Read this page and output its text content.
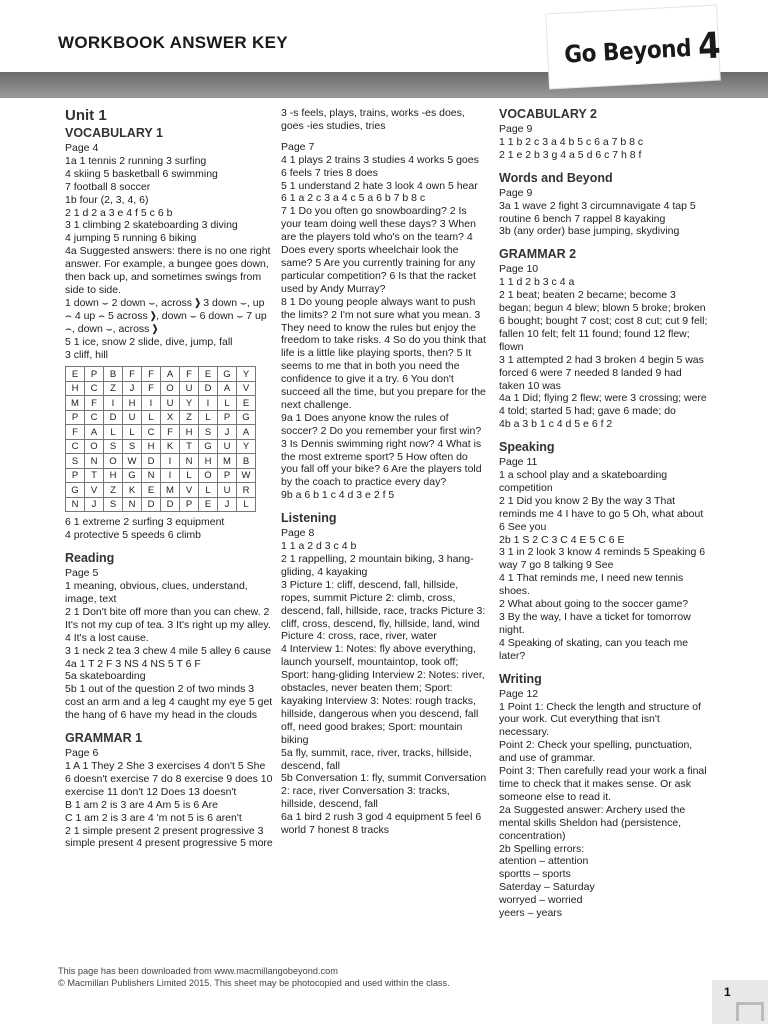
WORKBOOK ANSWER KEY	Go Beyond 4
Unit 1
VOCABULARY 1
Page 4
1a 1 tennis 2 running 3 surfing
4 skiing 5 basketball 6 swimming
7 football 8 soccer
1b four (2, 3, 4, 6)
2 1 d 2 a 3 e 4 f 5 c 6 b
3 1 climbing 2 skateboarding 3 diving
4 jumping 5 running 6 biking
4a Suggested answers: there is no one right answer. For example, a bungee goes down, then back up, and sometimes swings from side to side.
1 down ⌣ 2 down ⌣, across ❯ 3 down ⌣, up ⌢ 4 up ⌢ 5 across ❯, down ⌣ 6 down ⌣ 7 up ⌢, down ⌣, across ❯
5 1 ice, snow 2 slide, dive, jump, fall
3 cliff, hill
E	P	B	F	F	A	F	E	G	Y
H	C	Z	J	F	O	U	D	A	V
M	F	I	H	I	U	Y	I	L	E
P	C	D	U	L	X	Z	L	P	G
F	A	L	L	C	F	H	S	J	A
C	O	S	S	H	K	T	G	U	Y
S	N	O	W	D	I	N	H	M	B
P	T	H	G	N	I	L	O	P	W
G	V	Z	K	E	M	V	L	U	R
N	J	S	N	D	D	P	E	J	L
6 1 extreme 2 surfing 3 equipment
4 protective 5 speeds 6 climb
Reading
Page 5
1 meaning, obvious, clues, understand, image, text
2 1 Don't bite off more than you can chew. 2 It's not my cup of tea. 3 It's right up my alley. 4 It's a lost cause.
3 1 neck 2 tea 3 chew 4 mile 5 alley 6 cause
4a 1 T 2 F 3 NS 4 NS 5 T 6 F
5a skateboarding
5b 1 out of the question 2 of two minds 3 cost an arm and a leg 4 caught my eye 5 get the hang of 6 have my head in the clouds
GRAMMAR 1
Page 6
1 A 1 They 2 She 3 exercises 4 don't 5 She 6 doesn't exercise 7 do 8 exercise 9 does 10 exercise 11 don't 12 Does 13 doesn't
B 1 am 2 is 3 are 4 Am 5 is 6 Are
C 1 am 2 is 3 are 4 'm not 5 is 6 aren't
2 1 simple present 2 present progressive 3 simple present 4 present progressive 5 more
3 -s feels, plays, trains, works -es does, goes -ies studies, tries
Page 7
4 1 plays 2 trains 3 studies 4 works 5 goes 6 feels 7 tries 8 does
5 1 understand 2 hate 3 look 4 own 5 hear
6 1 a 2 c 3 a 4 c 5 a 6 b 7 b 8 c
7 1 Do you often go snowboarding? 2 Is your team doing well these days? 3 When are the players told who's on the team? 4 Does every sports wheelchair look the same? 5 Are you currently training for any particular competition? 6 Is that the racket used by Andy Murray?
8 1 Do young people always want to push the limits? 2 I'm not sure what you mean. 3 They need to know the rules but enjoy the freedom to take risks. 4 So do you think that life is a little like playing sports, then? 5 It seems to me that in both you need the confidence to give it a try. 6 You don't succeed all the time, but you prepare for the next challenge.
9a 1 Does anyone know the rules of soccer? 2 Do you remember your first win? 3 Is Dennis swimming right now? 4 What is the most extreme sport? 5 How often do you fall off your bike? 6 Are the players told by the coach to practice every day?
9b a 6 b 1 c 4 d 3 e 2 f 5
Listening
Page 8
1 1 a 2 d 3 c 4 b
2 1 rappelling, 2 mountain biking, 3 hang-gliding, 4 kayaking
3 Picture 1: cliff, descend, fall, hillside, ropes, summit Picture 2: climb, cross, descend, fall, hillside, race, tracks Picture 3: cliff, cross, descend, fly, hillside, land, wind Picture 4: cross, race, river, water
4 Interview 1: Notes: fly above everything, launch yourself, mountaintop, took off; Sport: hang-gliding Interview 2: Notes: river, obstacles, never beaten them; Sport: kayaking Interview 3: Notes: rough tracks, hillside, dangerous when you descend, fall off, need good brakes; Sport: mountain biking
5a fly, summit, race, river, tracks, hillside, descend, fall
5b Conversation 1: fly, summit Conversation 2: race, river Conversation 3: tracks, hillside, descend, fall
6a 1 bird 2 rush 3 god 4 equipment 5 feel 6 world 7 honest 8 tracks
VOCABULARY 2
Page 9
1 1 b 2 c 3 a 4 b 5 c 6 a 7 b 8 c
2 1 e 2 b 3 g 4 a 5 d 6 c 7 h 8 f
Words and Beyond
Page 9
3a 1 wave 2 fight 3 circumnavigate 4 tap 5 routine 6 bench 7 rappel 8 kayaking
3b (any order) base jumping, skydiving
GRAMMAR 2
Page 10
1 1 d 2 b 3 c 4 a
2 1 beat; beaten 2 became; become 3 began; begun 4 blew; blown 5 broke; broken 6 bought; bought 7 cost; cost 8 cut; cut 9 fell; fallen 10 felt; felt 11 found; found 12 flew; flown
3 1 attempted 2 had 3 broken 4 begin 5 was forced 6 were 7 needed 8 landed 9 had taken 10 was
4a 1 Did; flying 2 flew; were 3 crossing; were 4 told; started 5 had; gave 6 made; do
4b a 3 b 1 c 4 d 5 e 6 f 2
Speaking
Page 11
1 a school play and a skateboarding competition
2 1 Did you know 2 By the way 3 That reminds me 4 I have to go 5 Oh, what about 6 See you
2b 1 S 2 C 3 C 4 E 5 C 6 E
3 1 in 2 look 3 know 4 reminds 5 Speaking 6 way 7 go 8 talking 9 See
4 1 That reminds me, I need new tennis shoes.
2 What about going to the soccer game?
3 By the way, I have a ticket for tomorrow night.
4 Speaking of skating, can you teach me later?
Writing
Page 12
1 Point 1: Check the length and structure of your work. Cut everything that isn't necessary.
Point 2: Check your spelling, punctuation, and use of grammar.
Point 3: Then carefully read your work a final time to check that it makes sense. Or ask someone else to read it.
2a Suggested answer: Archery used the mental skills Sheldon had (persistence, concentration)
2b Spelling errors:
atention – attention
sportts – sports
Saterday – Saturday
worryed – worried
yeers – years
This page has been downloaded from www.macmillangobeyond.com
© Macmillan Publishers Limited 2015. This sheet may be photocopied and used within the class.
1
